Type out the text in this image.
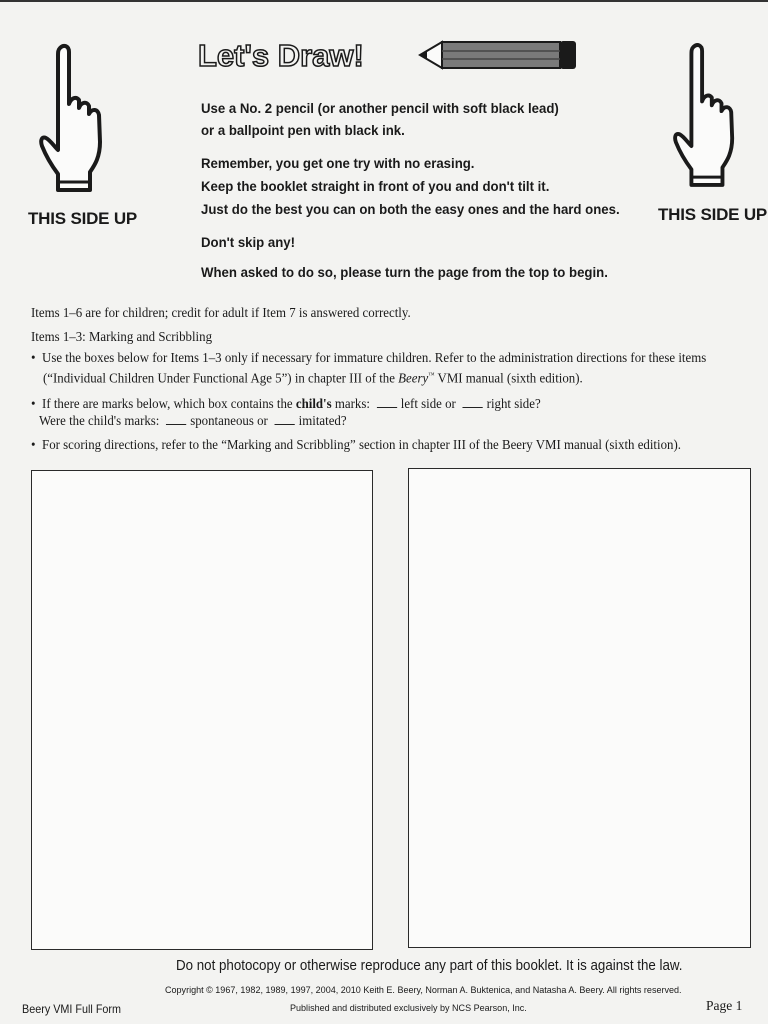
THIS SIDE UP
Let's Draw!
THIS SIDE UP
Use a No. 2 pencil (or another pencil with soft black lead)
or a ballpoint pen with black ink.
Remember, you get one try with no erasing.
Keep the booklet straight in front of you and don't tilt it.
Just do the best you can on both the easy ones and the hard ones.
Don't skip any!
When asked to do so, please turn the page from the top to begin.
Items 1–6 are for children; credit for adult if Item 7 is answered correctly.
Items 1–3: Marking and Scribbling
• Use the boxes below for Items 1–3 only if necessary for immature children. Refer to the administration directions for these items
(“Individual Children Under Functional Age 5”) in chapter III of the Beery™ VMI manual (sixth edition).
• If there are marks below, which box contains the child's marks: left side or right side?
Were the child's marks: spontaneous or imitated?
• For scoring directions, refer to the “Marking and Scribbling” section in chapter III of the Beery VMI manual (sixth edition).
Do not photocopy or otherwise reproduce any part of this booklet. It is against the law.
Copyright © 1967, 1982, 1989, 1997, 2004, 2010 Keith E. Beery, Norman A. Buktenica, and Natasha A. Beery. All rights reserved.
Published and distributed exclusively by NCS Pearson, Inc.
Beery VMI Full Form	Page 1
